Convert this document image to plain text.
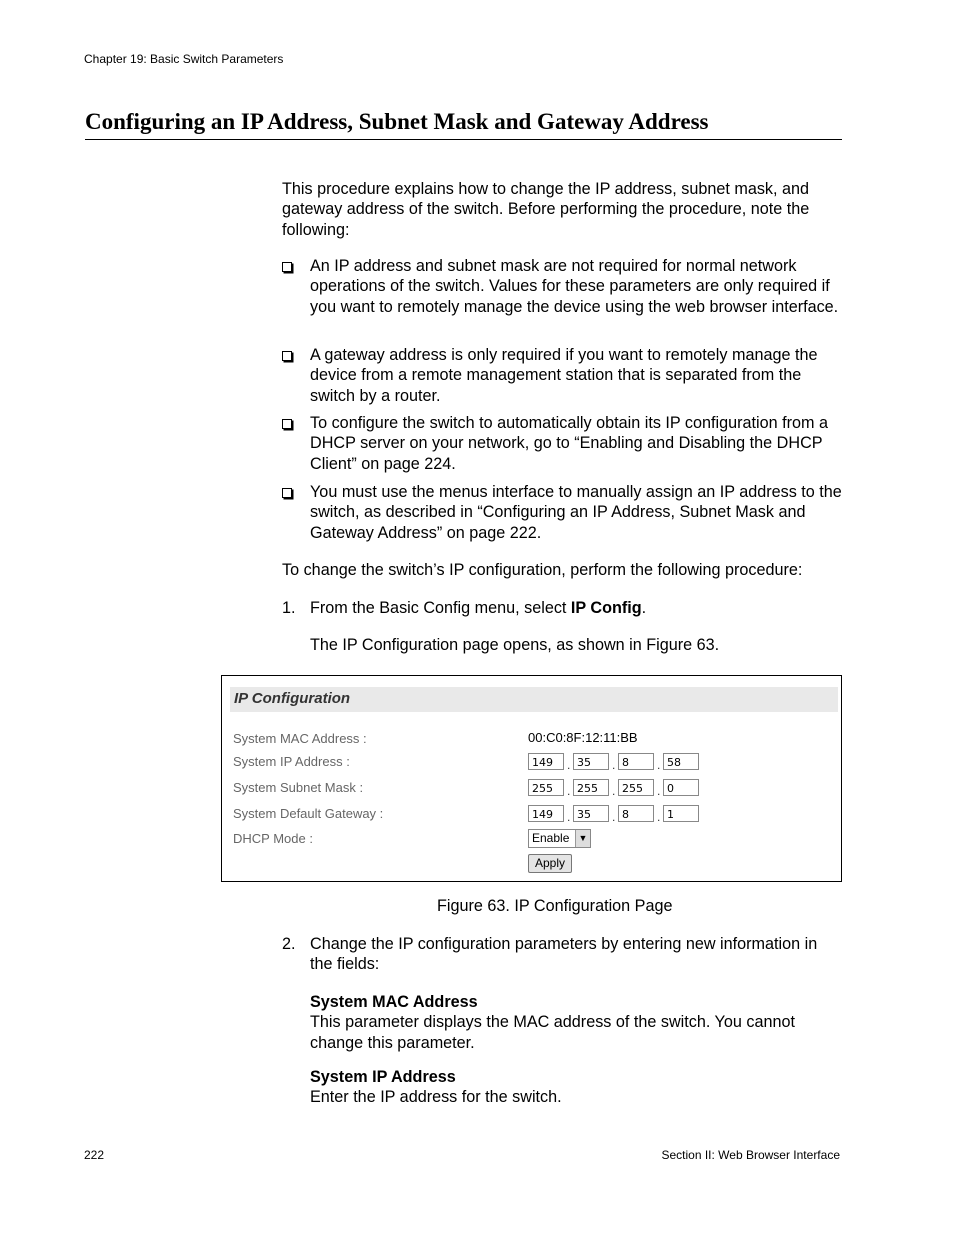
Chapter 19: Basic Switch Parameters
Configuring an IP Address, Subnet Mask and Gateway Address

This procedure explains how to change the IP address, subnet mask, and gateway address of the switch. Before performing the procedure, note the following:

An IP address and subnet mask are not required for normal network operations of the switch. Values for these parameters are only required if you want to remotely manage the device using the web browser interface.
A gateway address is only required if you want to remotely manage the device from a remote management station that is separated from the switch by a router.
To configure the switch to automatically obtain its IP configuration from a DHCP server on your network, go to “Enabling and Disabling the DHCP Client” on page 224.
You must use the menus interface to manually assign an IP address to the switch, as described in “Configuring an IP Address, Subnet Mask and Gateway Address” on page 222.

To change the switch’s IP configuration, perform the following procedure:

1. From the Basic Config menu, select IP Config.

The IP Configuration page opens, as shown in Figure 63.

IP Configuration
System MAC Address :	00:C0:8F:12:11:BB
System IP Address :	149	. 35	. 8	. 58
System Subnet Mask :	255	. 255	. 255	. 0
System Default Gateway :	149	. 35	. 8	. 1
DHCP Mode :	Enable	▼
Apply
Figure 63. IP Configuration Page
2. Change the IP configuration parameters by entering new information in the fields:
System MAC Address
This parameter displays the MAC address of the switch. You cannot change this parameter.
System IP Address
Enter the IP address for the switch.
222	Section II: Web Browser Interface
